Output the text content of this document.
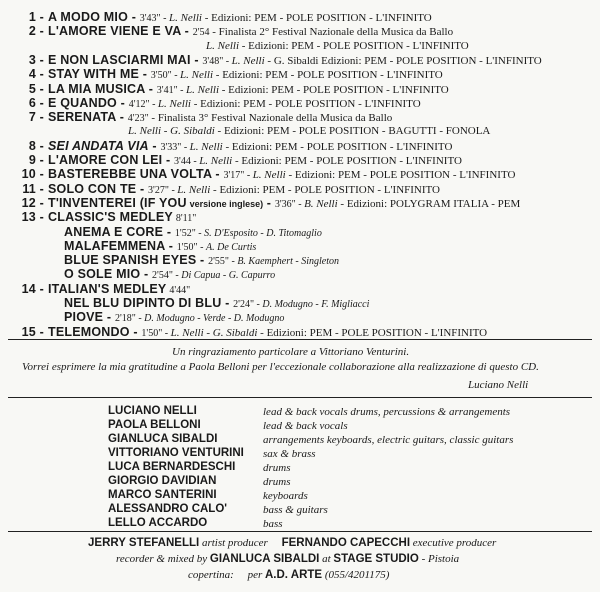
1 - A MODO MIO - 3'43" - L. Nelli - Edizioni: PEM - POLE POSITION - L'INFINITO
2 - L'AMORE VIENE E VA - 2'54 - Finalista 2° Festival Nazionale della Musica da Ballo
L. Nelli - Edizioni: PEM - POLE POSITION - L'INFINITO
3 - E NON LASCIARMI MAI - 3'48" - L. Nelli - G. Sibaldi Edizioni: PEM - POLE POSITION - L'INFINITO
4 - STAY WITH ME - 3'50" - L. Nelli - Edizioni: PEM - POLE POSITION - L'INFINITO
5 - LA MIA MUSICA - 3'41" - L. Nelli - Edizioni: PEM - POLE POSITION - L'INFINITO
6 - E QUANDO - 4'12" - L. Nelli - Edizioni: PEM - POLE POSITION - L'INFINITO
7 - SERENATA - 4'23" - Finalista 3° Festival Nazionale della Musica da Ballo
L. Nelli - G. Sibaldi - Edizioni: PEM - POLE POSITION - BAGUTTI - FONOLA
8 - SEI ANDATA VIA - 3'33" - L. Nelli - Edizioni: PEM - POLE POSITION - L'INFINITO
9 - L'AMORE CON LEI - 3'44 - L. Nelli - Edizioni: PEM - POLE POSITION - L'INFINITO
10 - BASTEREBBE UNA VOLTA - 3'17" - L. Nelli - Edizioni: PEM - POLE POSITION - L'INFINITO
11 - SOLO CON TE - 3'27" - L. Nelli - Edizioni: PEM - POLE POSITION - L'INFINITO
12 - T'INVENTEREI (IF YOU versione inglese) - 3'36" - B. Nelli - Edizioni: POLYGRAM ITALIA - PEM
13 - CLASSIC'S MEDLEY 8'11"
ANEMA E CORE - 1'52" - S. D'Esposito - D. Titomaglio
MALAFEMMENA - 1'50" - A. De Curtis
BLUE SPANISH EYES - 2'55" - B. Kaemphert - Singleton
O SOLE MIO - 2'54" - Di Capua - G. Capurro
14 - ITALIAN'S MEDLEY 4'44"
NEL BLU DIPINTO DI BLU - 2'24" - D. Modugno - F. Migliacci
PIOVE - 2'18" - D. Modugno - Verde - D. Modugno
15 - TELEMONDO - 1'50" - L. Nelli - G. Sibaldi - Edizioni: PEM - POLE POSITION - L'INFINITO
Un ringraziamento particolare a Vittoriano Venturini.
Vorrei esprimere la mia gratitudine a Paola Belloni per l'eccezionale collaborazione alla realizzazione di questo CD.
Luciano Nelli
LUCIANO NELLI	lead & back vocals drums, percussions & arrangements
PAOLA BELLONI	lead & back vocals
GIANLUCA SIBALDI	arrangements keyboards, electric guitars, classic guitars
VITTORIANO VENTURINI sax & brass
LUCA BERNARDESCHI	drums
GIORGIO DAVIDIAN	drums
MARCO SANTERINI	keyboards
ALESSANDRO CALO'	bass & guitars
LELLO ACCARDO	bass
JERRY STEFANELLI artist producer FERNANDO CAPECCHI executive producer
recorder & mixed by GIANLUCA SIBALDI at STAGE STUDIO - Pistoia
copertina: per A.D. ARTE (055/4201175)
